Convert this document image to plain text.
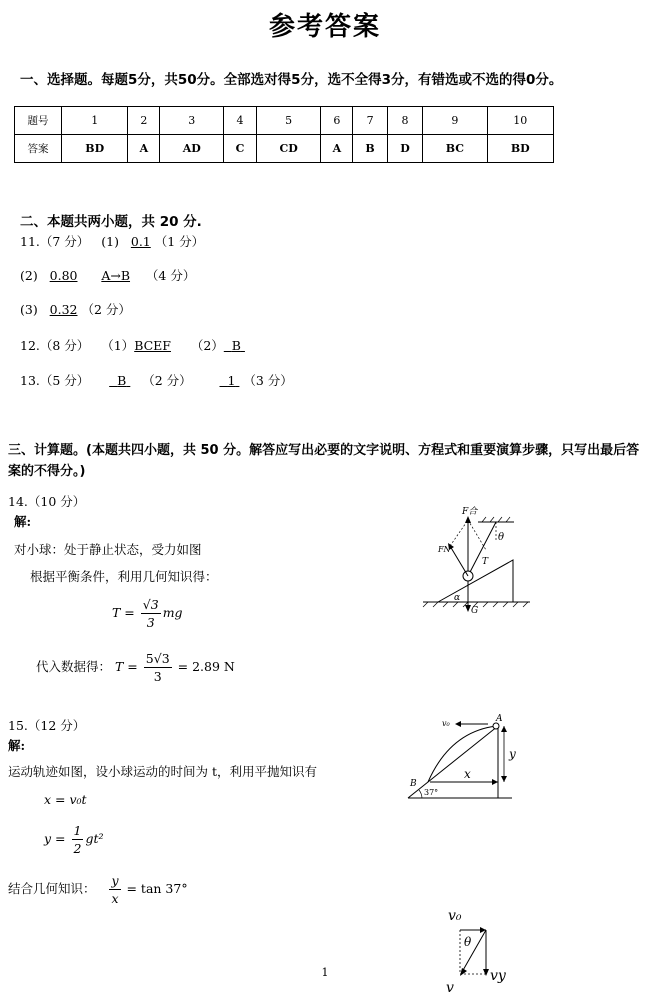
参考答案
一、选择题。每题5分，共50分。全部选对得5分，选不全得3分，有错选或不选的得0分。
题号	1	2	3	4	5	6	7	8	9	10
答案	BD	A	AD	C	CD	A	B	D	BC	BD
二、本题共两小题，共 20 分.
11.（7 分） (1) 0.1 （1 分）
(2) 0.80 A→B （4 分）
(3) 0.32 （2 分）
12.（8 分） （1）BCEF （2） B
13.（5 分） B （2 分）	1 （3 分）
三、计算题。(本题共四小题，共 50 分。解答应写出必要的文字说明、方程式和重要演算步骤，只写出最后答案的不得分。)
14.（10 分）
解:
对小球：处于静止状态，受力如图
根据平衡条件，利用几何知识得：
$T = \frac{√3}{3}$ mg
代入数据得： $T = \frac{5√3}{3} = 2.89$ N
F合
FN
T
θ
α
G
15.（12 分）
解:
运动轨迹如图，设小球运动的时间为 t，利用平抛知识有
x = v₀t
$y = \frac{1}{2} gt^2$
结合几何知识： $\frac{y}{x} = \tan 37^\circ$
v₀	A
B
x
y
37°
v₀
θ
vy
v
1
